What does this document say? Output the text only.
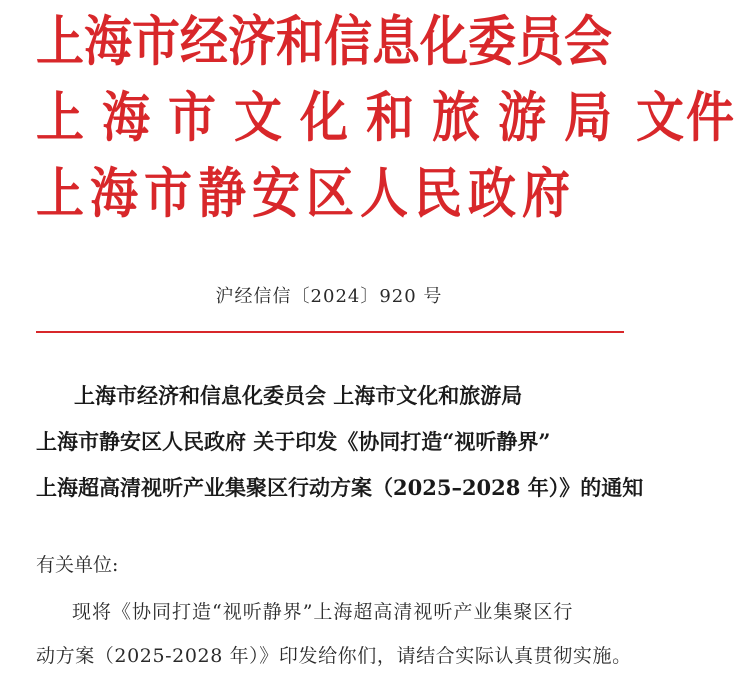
上海市经济和信息化委员会
上海市文化和旅游局 文件
上海市静安区人民政府
沪经信信〔2024〕920 号
上海市经济和信息化委员会 上海市文化和旅游局
上海市静安区人民政府 关于印发《协同打造“视听静界”
上海超高清视听产业集聚区行动方案（2025–2028 年）》的通知
有关单位:
现将《协同打造“视听静界”上海超高清视听产业集聚区行
动方案（2025-2028 年）》印发给你们，请结合实际认真贯彻实施。
